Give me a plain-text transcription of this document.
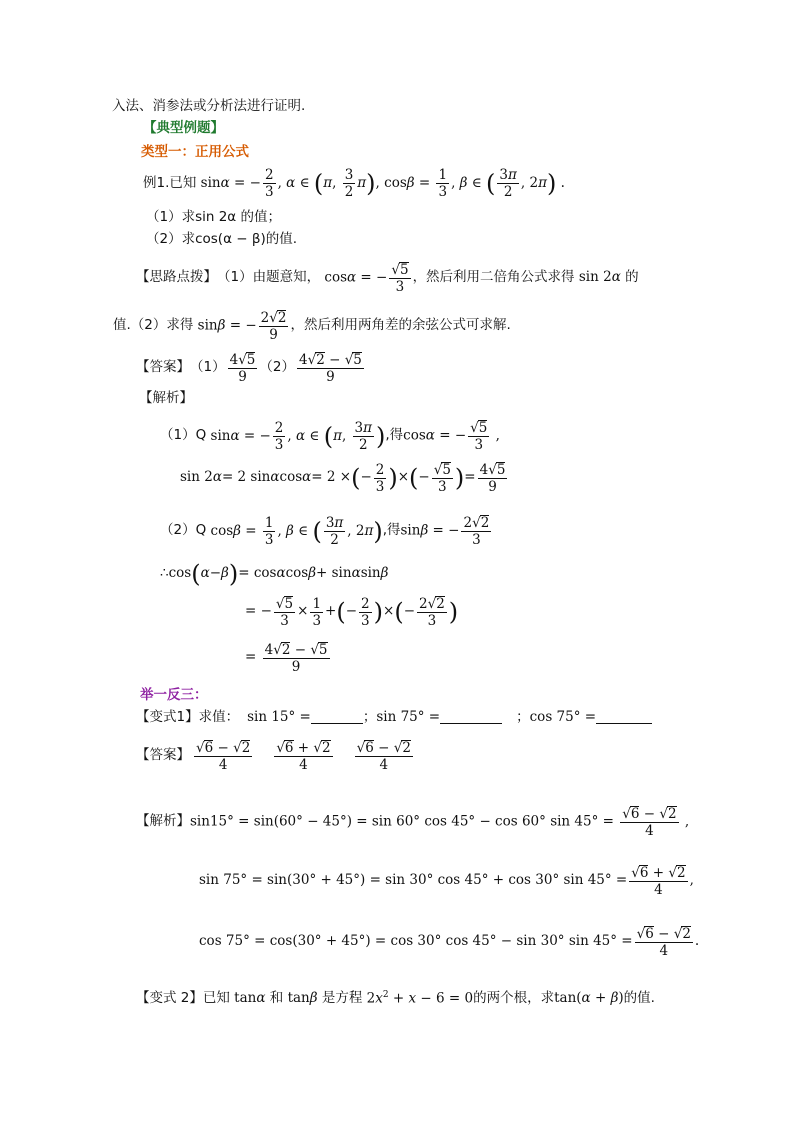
入法、消参法或分析法进行证明.
【典型例题】
类型一：正用公式
例1.已知 sinα = − $\frac{2}{3}$ , α ∈ (π, $\frac{3}{2} \pi$), $\cos\beta = \frac{1}{3}$ , β ∈ ( $\frac{3\pi}{2}$ , 2π) .
（1）求sin 2α 的值；
（2）求cos(α − β)的值.
【思路点拨】 （1）由题意知， cosα = − $\frac{√5}{3}$ ，然后利用二倍角公式求得 sin 2α 的
值.（2）求得 sinβ = − $\frac{2√2}{9}$ ，然后利用两角差的余弦公式可求解.
【答案】 $(1) \frac{4√5}{9} (2) \frac{4√2 - √5}{9}$
【解析】
（1）Q sinα = − $\frac{2}{3}$ , α ∈ (π, $\frac{3\pi}{2}$ ) ,得 cosα = − $\frac{√5}{3}$ ,
sin 2 α = 2 sin α cos α = 2 × ( − 2
3 ) × ( − √5
3 ) = 4√5
9
（2）Q $\cos\beta = \frac{1}{3}$ , β ∈ ( $\frac{3\pi}{2}$ , 2π) ,得 sinβ = − $\frac{2√2}{3}$
∴ cos ( α − β ) = cos α cos β + sin α sin β
= − $\frac{√5}{3} \times 1$
3
+ ( − 2
3 ) × ( − 2√2
3 )
=
$\frac{4√2 - √5}{9}$
举一反三：
【变式1】 求值： sin 15° =	； sin 75° =	； cos 75° =
【答案】 $\frac{√6 - √2}{4} \frac{√6 + √2}{4} \frac{√6 - √2}{4}$
【解析】 sin15° = sin(60° − 45°) = sin 60° cos 45° − cos 60° $\sin 45^\circ = \frac{√6 - √2}{4}$ ,
sin 75° = sin(30° + 45°) = sin 30° cos 45° + cos 30° sin 45° = √6 + √2
4
,
cos 75° = cos(30° + 45°) = cos 30° cos 45° − sin 30° sin 45° = √6 − √2
4
.
【变式 2】 已知 tanα 和 tanβ 是方程 $2x^2 + x - 6 = 0$ 的两个根，求 tan(α + β) 的值.
